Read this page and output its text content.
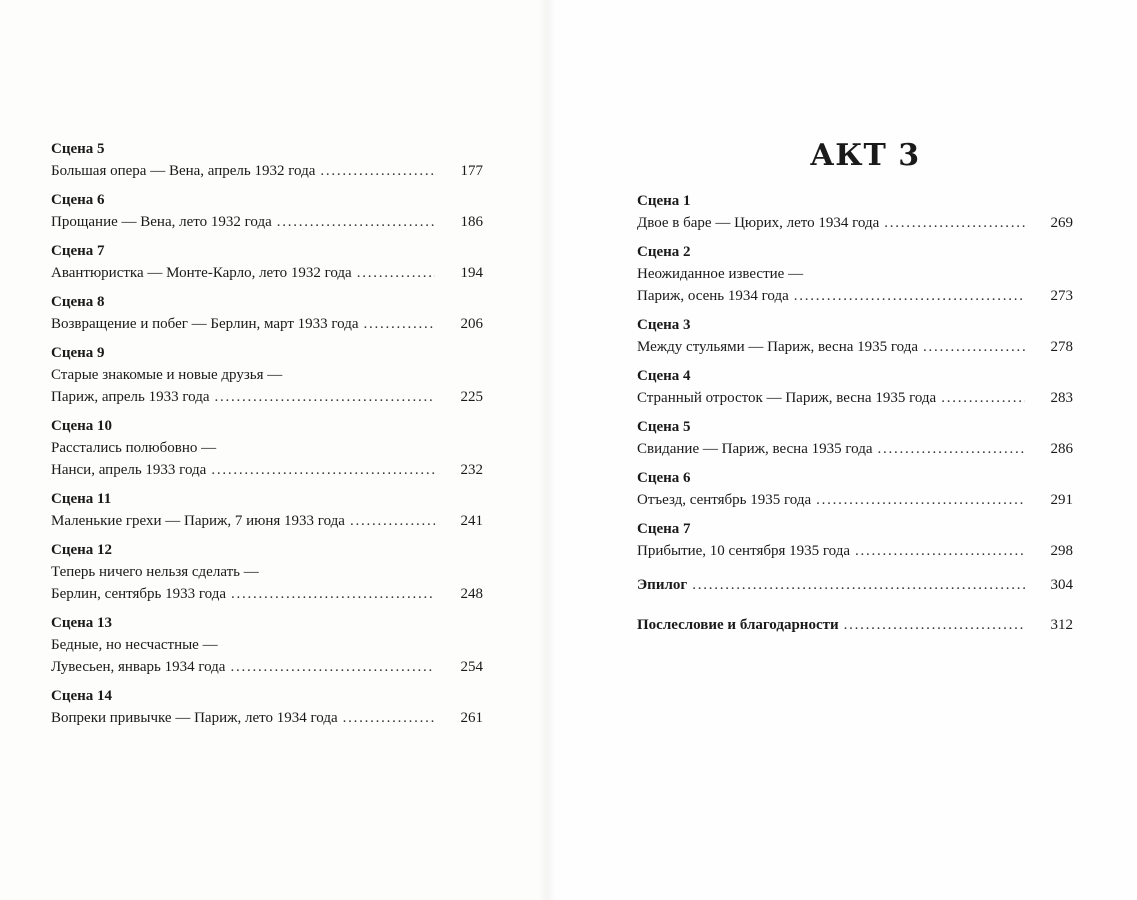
Сцена 5
Большая опера — Вена, апрель 1932 года . . .	177
Сцена 6
Прощание — Вена, лето 1932 года . . .	186
Сцена 7
Авантюристка — Монте-Карло, лето 1932 года . . .	194
Сцена 8
Возвращение и побег — Берлин, март 1933 года . . .	206
Сцена 9
Старые знакомые и новые друзья —
Париж, апрель 1933 года . . .	225
Сцена 10
Расстались полюбовно —
Нанси, апрель 1933 года . . .	232
Сцена 11
Маленькие грехи — Париж, 7 июня 1933 года . . .	241
Сцена 12
Теперь ничего нельзя сделать —
Берлин, сентябрь 1933 года . . .	248
Сцена 13
Бедные, но несчастные —
Лувесьен, январь 1934 года . . .	254
Сцена 14
Вопреки привычке — Париж, лето 1934 года . . .	261
АКТ 3
Сцена 1
Двое в баре — Цюрих, лето 1934 года . . .	269
Сцена 2
Неожиданное известие —
Париж, осень 1934 года . . .	273
Сцена 3
Между стульями — Париж, весна 1935 года . . .	278
Сцена 4
Странный отросток — Париж, весна 1935 года . . .	283
Сцена 5
Свидание — Париж, весна 1935 года . . .	286
Сцена 6
Отъезд, сентябрь 1935 года . . .	291
Сцена 7
Прибытие, 10 сентября 1935 года . . .	298
Эпилог . . .	304
Послесловие и благодарности . . .	312
